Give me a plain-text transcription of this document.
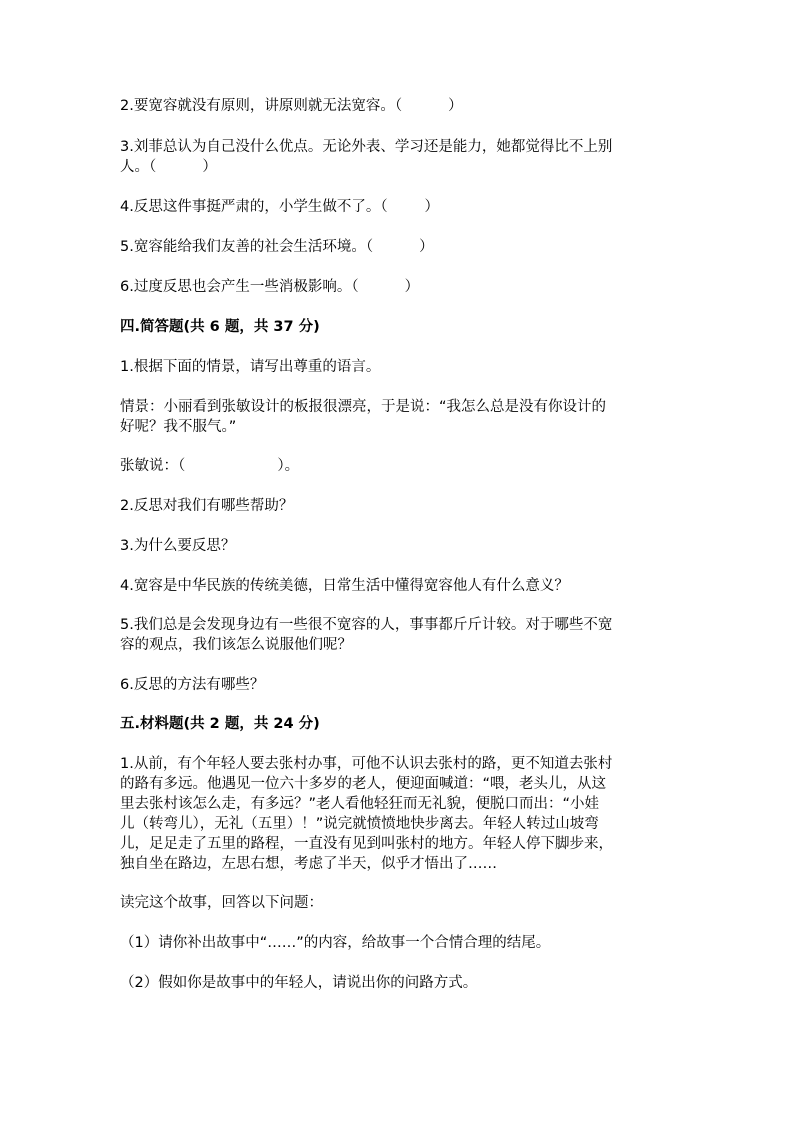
2.要宽容就没有原则，讲原则就无法宽容。（          ）

3.刘菲总认为自己没什么优点。无论外表、学习还是能力，她都觉得比不上别

人。（          ）

4.反思这件事挺严肃的，小学生做不了。（        ）

5.宽容能给我们友善的社会生活环境。（          ）

6.过度反思也会产生一些消极影响。（          ）

四.简答题(共 6 题，共 37 分)

1.根据下面的情景，请写出尊重的语言。

情景：小丽看到张敏设计的板报很漂亮，于是说：“我怎么总是没有你设计的

好呢？我不服气。”

张敏说：（                    ）。

2.反思对我们有哪些帮助？

3.为什么要反思？

4.宽容是中华民族的传统美德，日常生活中懂得宽容他人有什么意义？

5.我们总是会发现身边有一些很不宽容的人，事事都斤斤计较。对于哪些不宽

容的观点，我们该怎么说服他们呢？

6.反思的方法有哪些？

五.材料题(共 2 题，共 24 分)

1.从前，有个年轻人要去张村办事，可他不认识去张村的路，更不知道去张村

的路有多远。他遇见一位六十多岁的老人，便迎面喊道：“喂，老头儿，从这

里去张村该怎么走，有多远？”老人看他轻狂而无礼貌，便脱口而出：“小娃

儿（转弯儿），无礼（五里）！”说完就愤愤地快步离去。年轻人转过山坡弯

儿，足足走了五里的路程，一直没有见到叫张村的地方。年轻人停下脚步来，

独自坐在路边，左思右想，考虑了半天，似乎才悟出了……

读完这个故事，回答以下问题：

（1）请你补出故事中“……”的内容，给故事一个合情合理的结尾。

（2）假如你是故事中的年轻人，请说出你的问路方式。
